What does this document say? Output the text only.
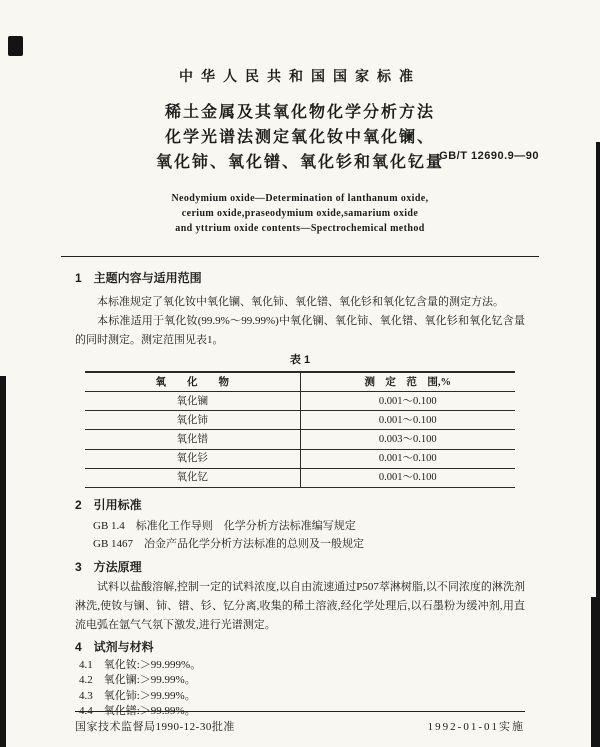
中华人民共和国国家标准
稀土金属及其氧化物化学分析方法
化学光谱法测定氧化钕中氧化镧、
氧化铈、氧化镨、氧化钐和氧化钇量
GB/T 12690.9—90
Neodymium oxide—Determination of lanthanum oxide,
cerium oxide,praseodymium oxide,samarium oxide
and yttrium oxide contents—Spectrochemical method
1　主题内容与适用范围
本标准规定了氧化钕中氧化镧、氧化铈、氧化镨、氧化钐和氧化钇含量的测定方法。
本标准适用于氧化钕(99.9%～99.99%)中氧化镧、氧化铈、氧化镨、氧化钐和氧化钇含量的同时测定。测定范围见表1。
表 1
氧　　化　　物	测　定　范　围,%
氧化镧	0.001～0.100
氧化铈	0.001～0.100
氧化镨	0.003～0.100
氧化钐	0.001～0.100
氧化钇	0.001～0.100
2　引用标准
GB 1.4　标准化工作导则　化学分析方法标准编写规定
GB 1467　冶金产品化学分析方法标准的总则及一般规定
3　方法原理
试料以盐酸溶解,控制一定的试料浓度,以自由流速通过P507萃淋树脂,以不同浓度的淋洗剂淋洗,使钕与镧、铈、镨、钐、钇分离,收集的稀土溶液,经化学处理后,以石墨粉为缓冲剂,用直流电弧在氩气气氛下激发,进行光谱测定。
4　试剂与材料
4.1　氧化钕:＞99.999%。
4.2　氧化镧:＞99.99%。
4.3　氧化铈:＞99.99%。
4.4　氧化镨:＞99.99%。
国家技术监督局1990-12-30批准	1992-01-01实施
